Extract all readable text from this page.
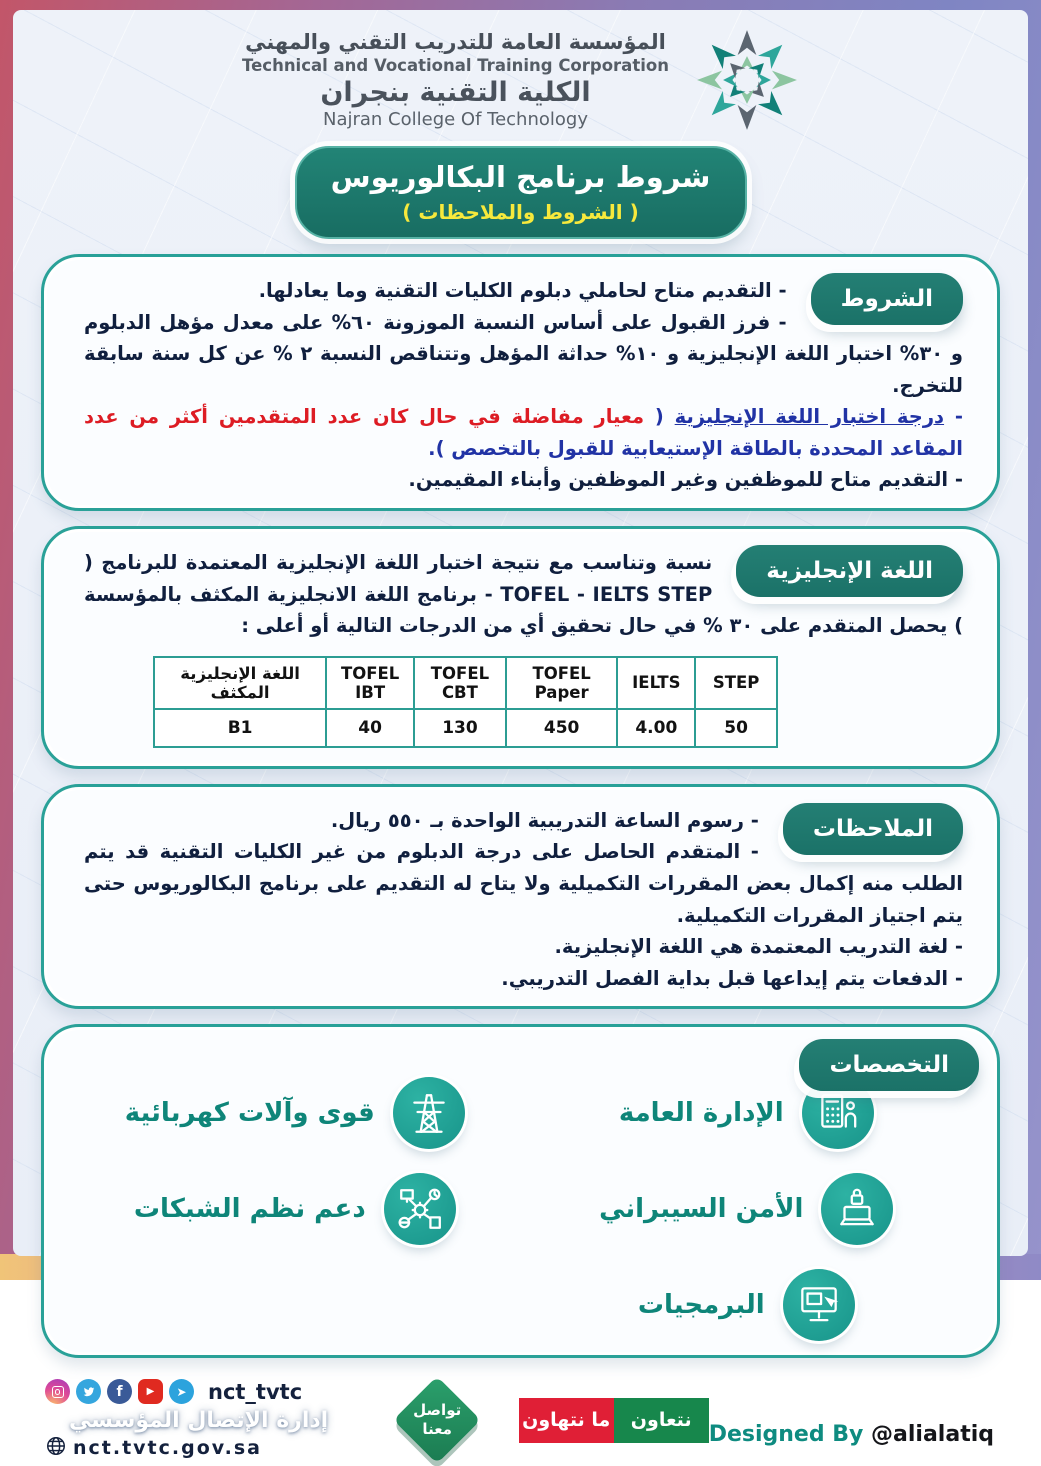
المؤسسة العامة للتدريب التقني والمهني
Technical and Vocational Training Corporation
الكلية التقنية بنجران
Najran College Of Technology
شروط برنامج البكالوريوس
( الشروط والملاحظات )
الشروط

- التقديم متاح لحاملي دبلوم الكليات التقنية وما يعادلها.

- فرز القبول على أساس النسبة الموزونة ٦٠% على معدل مؤهل الدبلوم و ٣٠% اختبار اللغة الإنجليزية و ١٠% حداثة المؤهل وتتناقص النسبة ٢ % عن كل سنة سابقة للتخرج.

- درجة اختبار اللغة الإنجليزية ( معيار مفاضلة في حال كان عدد المتقدمين أكثر من عدد المقاعد المحددة بالطاقة الإستيعابية للقبول بالتخصص ).

- التقديم متاح للموظفين وغير الموظفين وأبناء المقيمين.

اللغة الإنجليزية

نسبة وتناسب مع نتيجة اختبار اللغة الإنجليزية المعتمدة للبرنامج ( TOFEL - IELTS STEP - برنامج اللغة الانجليزية المكثف بالمؤسسة ) يحصل المتقدم على ٣٠ % في حال تحقيق أي من الدرجات التالية أو أعلى :

STEP	IELTS	TOFEL Paper	TOFEL CBT	TOFEL IBT	اللغة الإنجليزية المكثف
50	4.00	450	130	40	B1
الملاحظات

- رسوم الساعة التدريبية الواحدة بـ ٥٥٠ ريال.

- المتقدم الحاصل على درجة الدبلوم من غير الكليات التقنية قد يتم الطلب منه إكمال بعض المقررات التكميلية ولا يتاح له التقديم على برنامج البكالوريوس حتى يتم اجتياز المقررات التكميلية.

- لغة التدريب المعتمدة هي اللغة الإنجليزية.

- الدفعات يتم إيداعها قبل بداية الفصل التدريبي.

التخصصات
الإدارة العامة
قوى وآلات كهربائية
الأمن السيبراني
دعم نظم الشبكات
البرمجيات
f	▶	➤	nct_tvtc
إدارة الإتصال المؤسسي
nct.tvtc.gov.sa
تواصل
معنا	ما نتهاون	نتعاون
Designed By @alialatiq
